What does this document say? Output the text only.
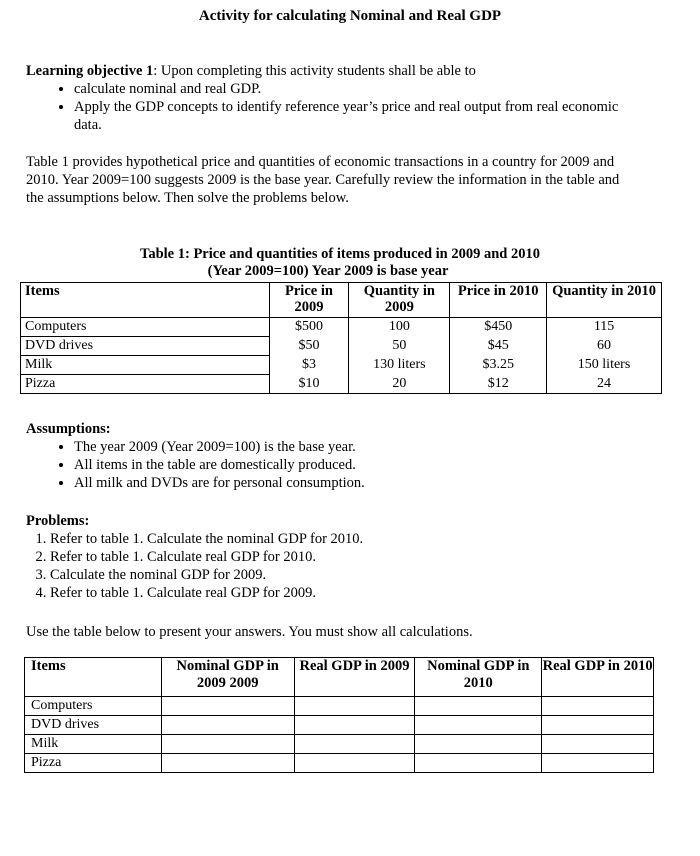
Activity for calculating Nominal and Real GDP
Learning objective 1: Upon completing this activity students shall be able to
• calculate nominal and real GDP.
• Apply the GDP concepts to identify reference year’s price and real output from real economic data.
Table 1 provides hypothetical price and quantities of economic transactions in a country for 2009 and 2010. Year 2009=100 suggests 2009 is the base year. Carefully review the information in the table and the assumptions below. Then solve the problems below.
Table 1: Price and quantities of items produced in 2009 and 2010
(Year 2009=100) Year 2009 is base year
Items	Price in 2009	Quantity in 2009	Price in 2010	Quantity in 2010
Computers	$500	100	$450	115
DVD drives	$50	50	$45	60
Milk	$3	130 liters	$3.25	150 liters
Pizza	$10	20	$12	24
Assumptions:
• The year 2009 (Year 2009=100) is the base year.
• All items in the table are domestically produced.
• All milk and DVDs are for personal consumption.
Problems:
1. Refer to table 1. Calculate the nominal GDP for 2010.
2. Refer to table 1. Calculate real GDP for 2010.
3. Calculate the nominal GDP for 2009.
4. Refer to table 1. Calculate real GDP for 2009.
Use the table below to present your answers. You must show all calculations.
Items	Nominal GDP in 2009 2009	Real GDP in 2009	Nominal GDP in 2010	Real GDP in 2010
Computers				
DVD drives				
Milk				
Pizza				
